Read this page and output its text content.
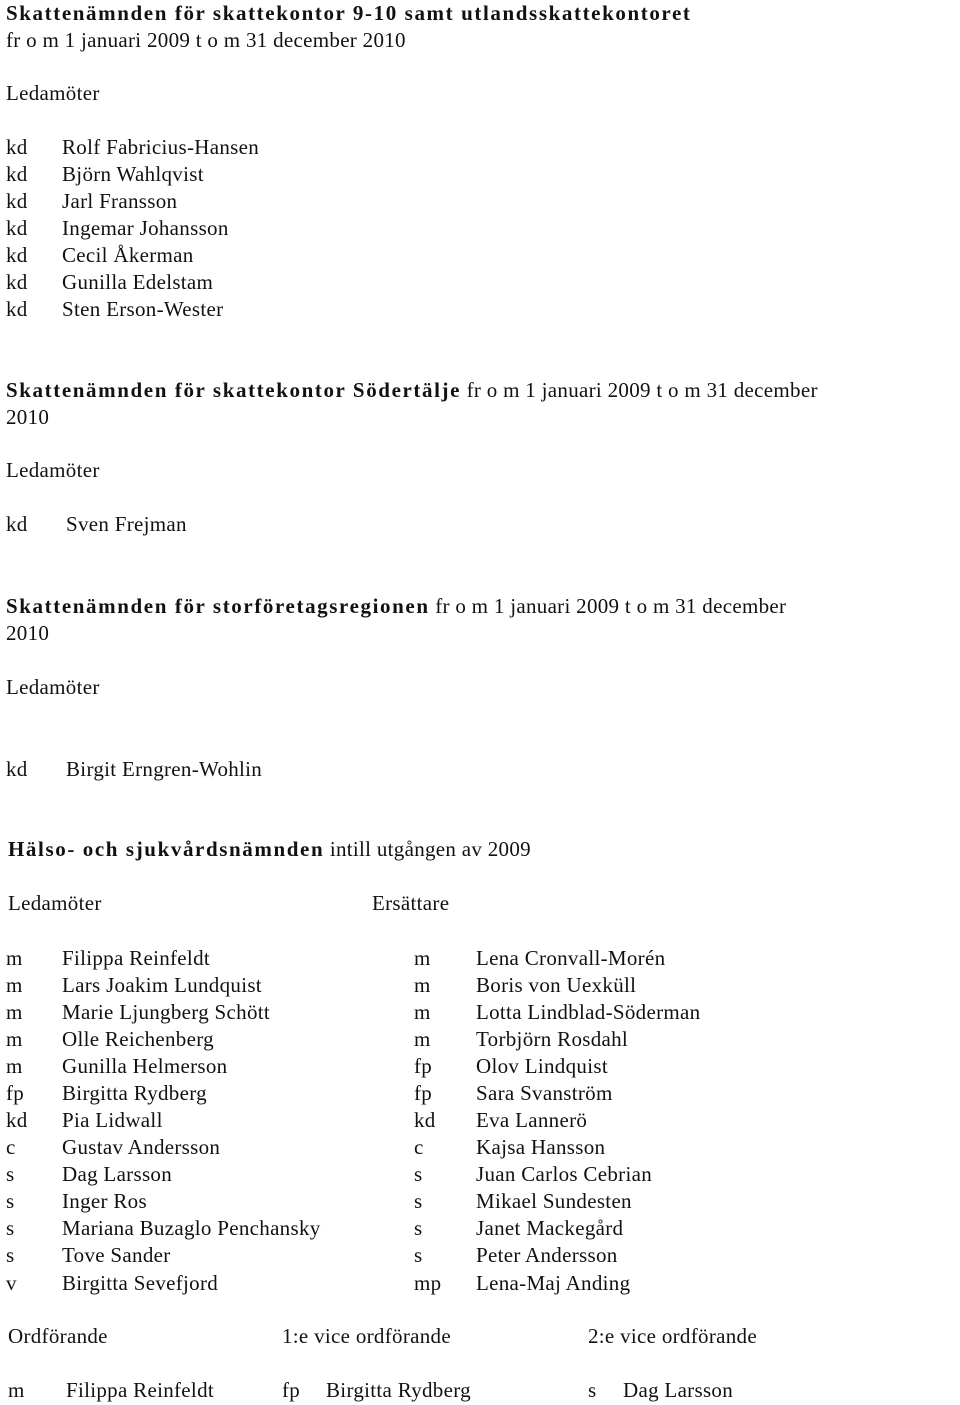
Skattenämnden för skattekontor 9-10 samt utlandsskattekontoret
fr o m 1 januari 2009 t o m 31 december 2010
Ledamöter
kd Rolf Fabricius-Hansen
kd Björn Wahlqvist
kd Jarl Fransson
kd Ingemar Johansson
kd Cecil Åkerman
kd Gunilla Edelstam
kd Sten Erson-Wester
Skattenämnden för skattekontor Södertälje fr o m 1 januari 2009 t o m 31 december
2010
Ledamöter
kd Sven Frejman
Skattenämnden för storföretagsregionen fr o m 1 januari 2009 t o m 31 december
2010
Ledamöter
kd Birgit Erngren-Wohlin
Hälso- och sjukvårdsnämnden intill utgången av 2009
Ledamöter	Ersättare
m Filippa Reinfeldt	m Lena Cronvall-Morén
m Lars Joakim Lundquist	m Boris von Uexküll
m Marie Ljungberg Schött	m Lotta Lindblad-Söderman
m Olle Reichenberg	m Torbjörn Rosdahl
m Gunilla Helmerson	fp Olov Lindquist
fp Birgitta Rydberg	fp Sara Svanström
kd Pia Lidwall	kd Eva Lannerö
c Gustav Andersson	c Kajsa Hansson
s Dag Larsson	s	Juan Carlos Cebrian
s Inger Ros	s	Mikael Sundesten
s Mariana Buzaglo Penchansky	s	Janet Mackegård
s Tove Sander	s	Peter Andersson
v Birgitta Sevefjord	mp Lena-Maj Anding
Ordförande	1:e vice ordförande	2:e vice ordförande
m Filippa Reinfeldt	fp Birgitta Rydberg	s Dag Larsson
